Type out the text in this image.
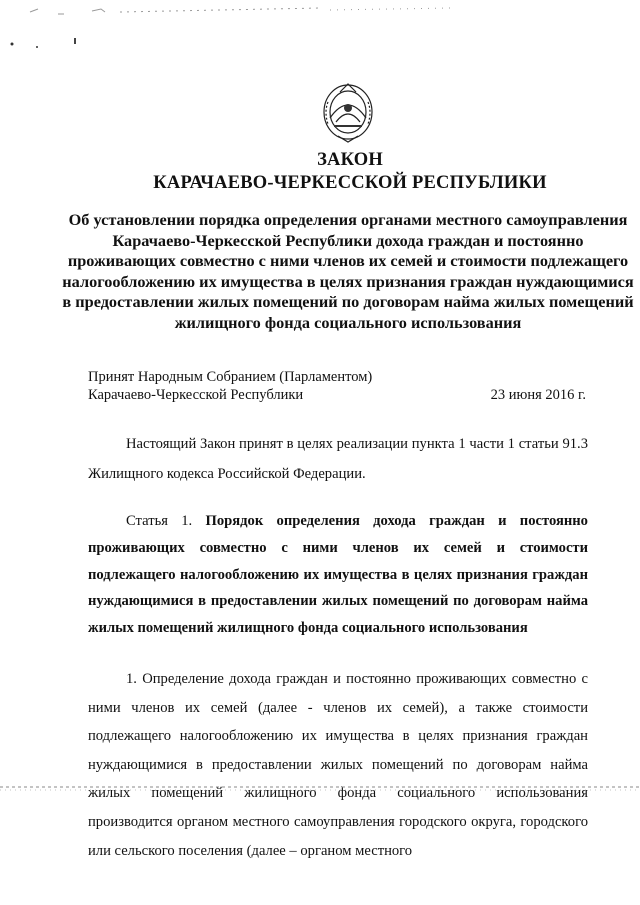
ЗАКОН
КАРАЧАЕВО-ЧЕРКЕССКОЙ РЕСПУБЛИКИ
Об установлении порядка определения органами местного самоуправления Карачаево-Черкесской Республики дохода граждан и постоянно проживающих совместно с ними членов их семей и стоимости подлежащего налогообложению их имущества в целях признания граждан нуждающимися в предоставлении жилых помещений по договорам найма жилых помещений жилищного фонда социального использования
Принят Народным Собранием (Парламентом)
Карачаево-Черкесской Республики	23 июня 2016 г.
Настоящий Закон принят в целях реализации пункта 1 части 1 статьи 91.3 Жилищного кодекса Российской Федерации.
Статья 1. Порядок определения дохода граждан и постоянно проживающих совместно с ними членов их семей и стоимости подлежащего налогообложению их имущества в целях признания граждан нуждающимися в предоставлении жилых помещений по договорам найма жилых помещений жилищного фонда социального использования
1. Определение дохода граждан и постоянно проживающих совместно с ними членов их семей (далее - членов их семей), а также стоимости подлежащего налогообложению их имущества в целях признания граждан нуждающимися в предоставлении жилых помещений по договорам найма жилых помещений жилищного фонда социального использования производится органом местного самоуправления городского округа, городского или сельского поселения (далее – органом местного
